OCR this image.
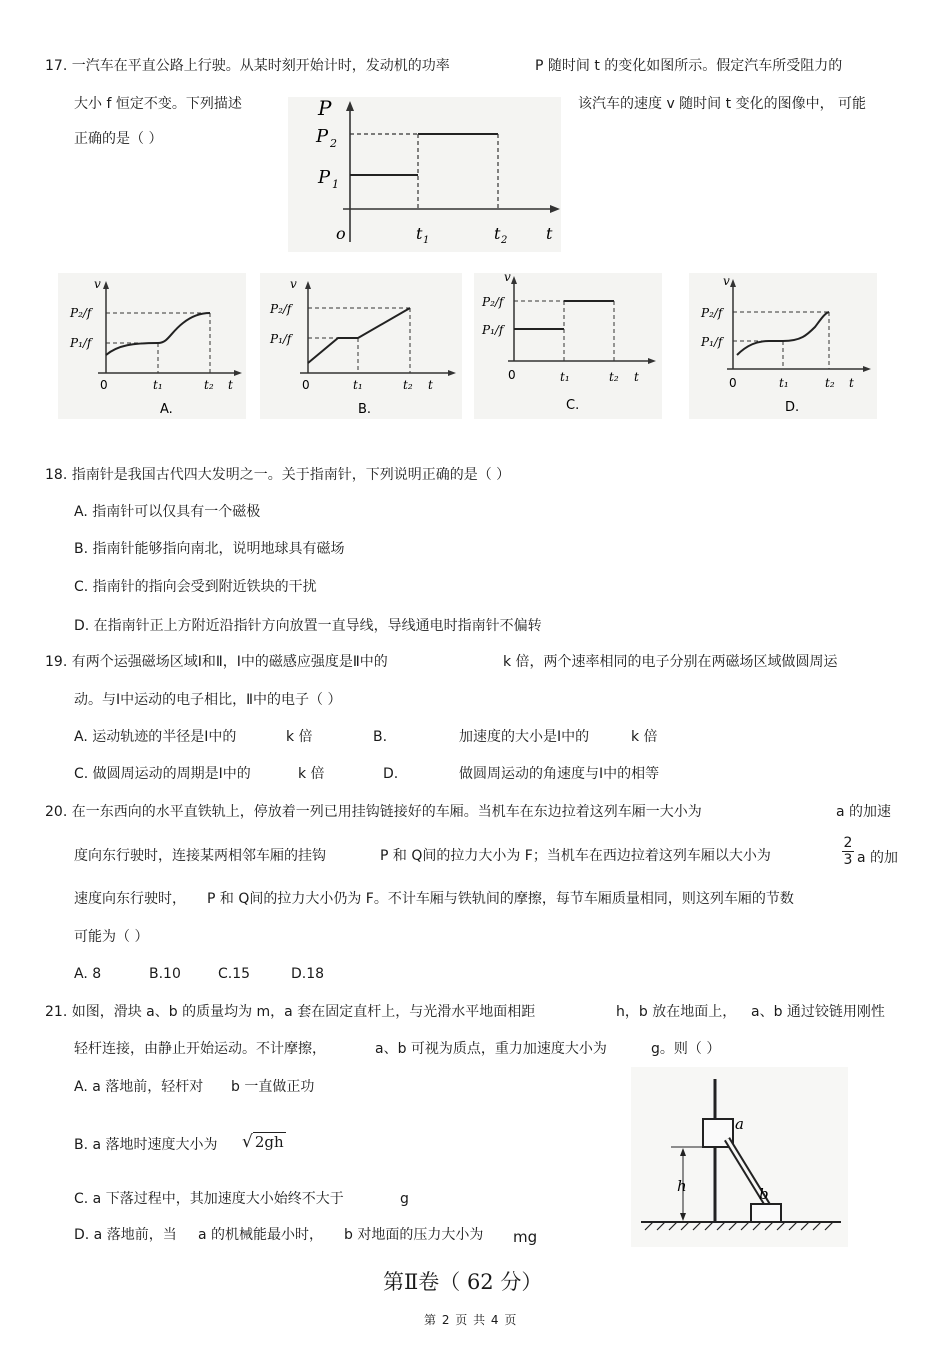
17. 一汽车在平直公路上行驶。从某时刻开始计时，发动机的功率	P 随时间 t 的变化如图所示。假定汽车所受阻力的
大小 f 恒定不变。下列描述	该汽车的速度 v 随时间 t 变化的图像中， 可能
正确的是（ ）
P
P 2
P 1
o	t 1	t 2 t
v
P₂/f
P₁/f
0	t₁	t₂ t
A.
v
P₂/f
P₁/f
0	t₁	t₂ t
B.
v
P₂/f
P₁/f
0	t₁	t₂ t
C.
v
P₂/f
P₁/f
0	t₁	t₂ t
D.
18. 指南针是我国古代四大发明之一。关于指南针，下列说明正确的是（ ）
A. 指南针可以仅具有一个磁极
B. 指南针能够指向南北，说明地球具有磁场
C. 指南针的指向会受到附近铁块的干扰
D. 在指南针正上方附近沿指针方向放置一直导线，导线通电时指南针不偏转
19. 有两个运强磁场区域Ⅰ和Ⅱ，Ⅰ中的磁感应强度是Ⅱ中的	k 倍，两个速率相同的电子分别在两磁场区域做圆周运
动。与Ⅰ中运动的电子相比，Ⅱ中的电子（ ）
A. 运动轨迹的半径是Ⅰ中的	k 倍	B.	加速度的大小是Ⅰ中的	k 倍
C. 做圆周运动的周期是Ⅰ中的	k 倍	D.	做圆周运动的角速度与Ⅰ中的相等
20. 在一东西向的水平直铁轨上，停放着一列已用挂钩链接好的车厢。当机车在东边拉着这列车厢一大小为	a 的加速
度向东行驶时，连接某两相邻车厢的挂钩	P 和 Q间的拉力大小为 F；当机车在西边拉着这列车厢以大小为
2
3 a 的加
速度向东行驶时， P 和 Q间的拉力大小仍为 F。不计车厢与铁轨间的摩擦，每节车厢质量相同，则这列车厢的节数
可能为（ ）
A. 8	B.10	C.15	D.18
21. 如图，滑块 a、b 的质量均为 m，a 套在固定直杆上，与光滑水平地面相距	h，b 放在地面上， a、b 通过铰链用刚性
轻杆连接，由静止开始运动。不计摩擦，	a、b 可视为质点，重力加速度大小为	g。则（ ）
A. a 落地前，轻杆对 b 一直做正功
B. a 落地时速度大小为 √ 2gh
C. a 下落过程中，其加速度大小始终不大于	g
D. a 落地前，当 a 的机械能最小时， b 对地面的压力大小为 mg
a
b
h
第Ⅱ卷（ 62 分）
第 2 页 共 4 页
